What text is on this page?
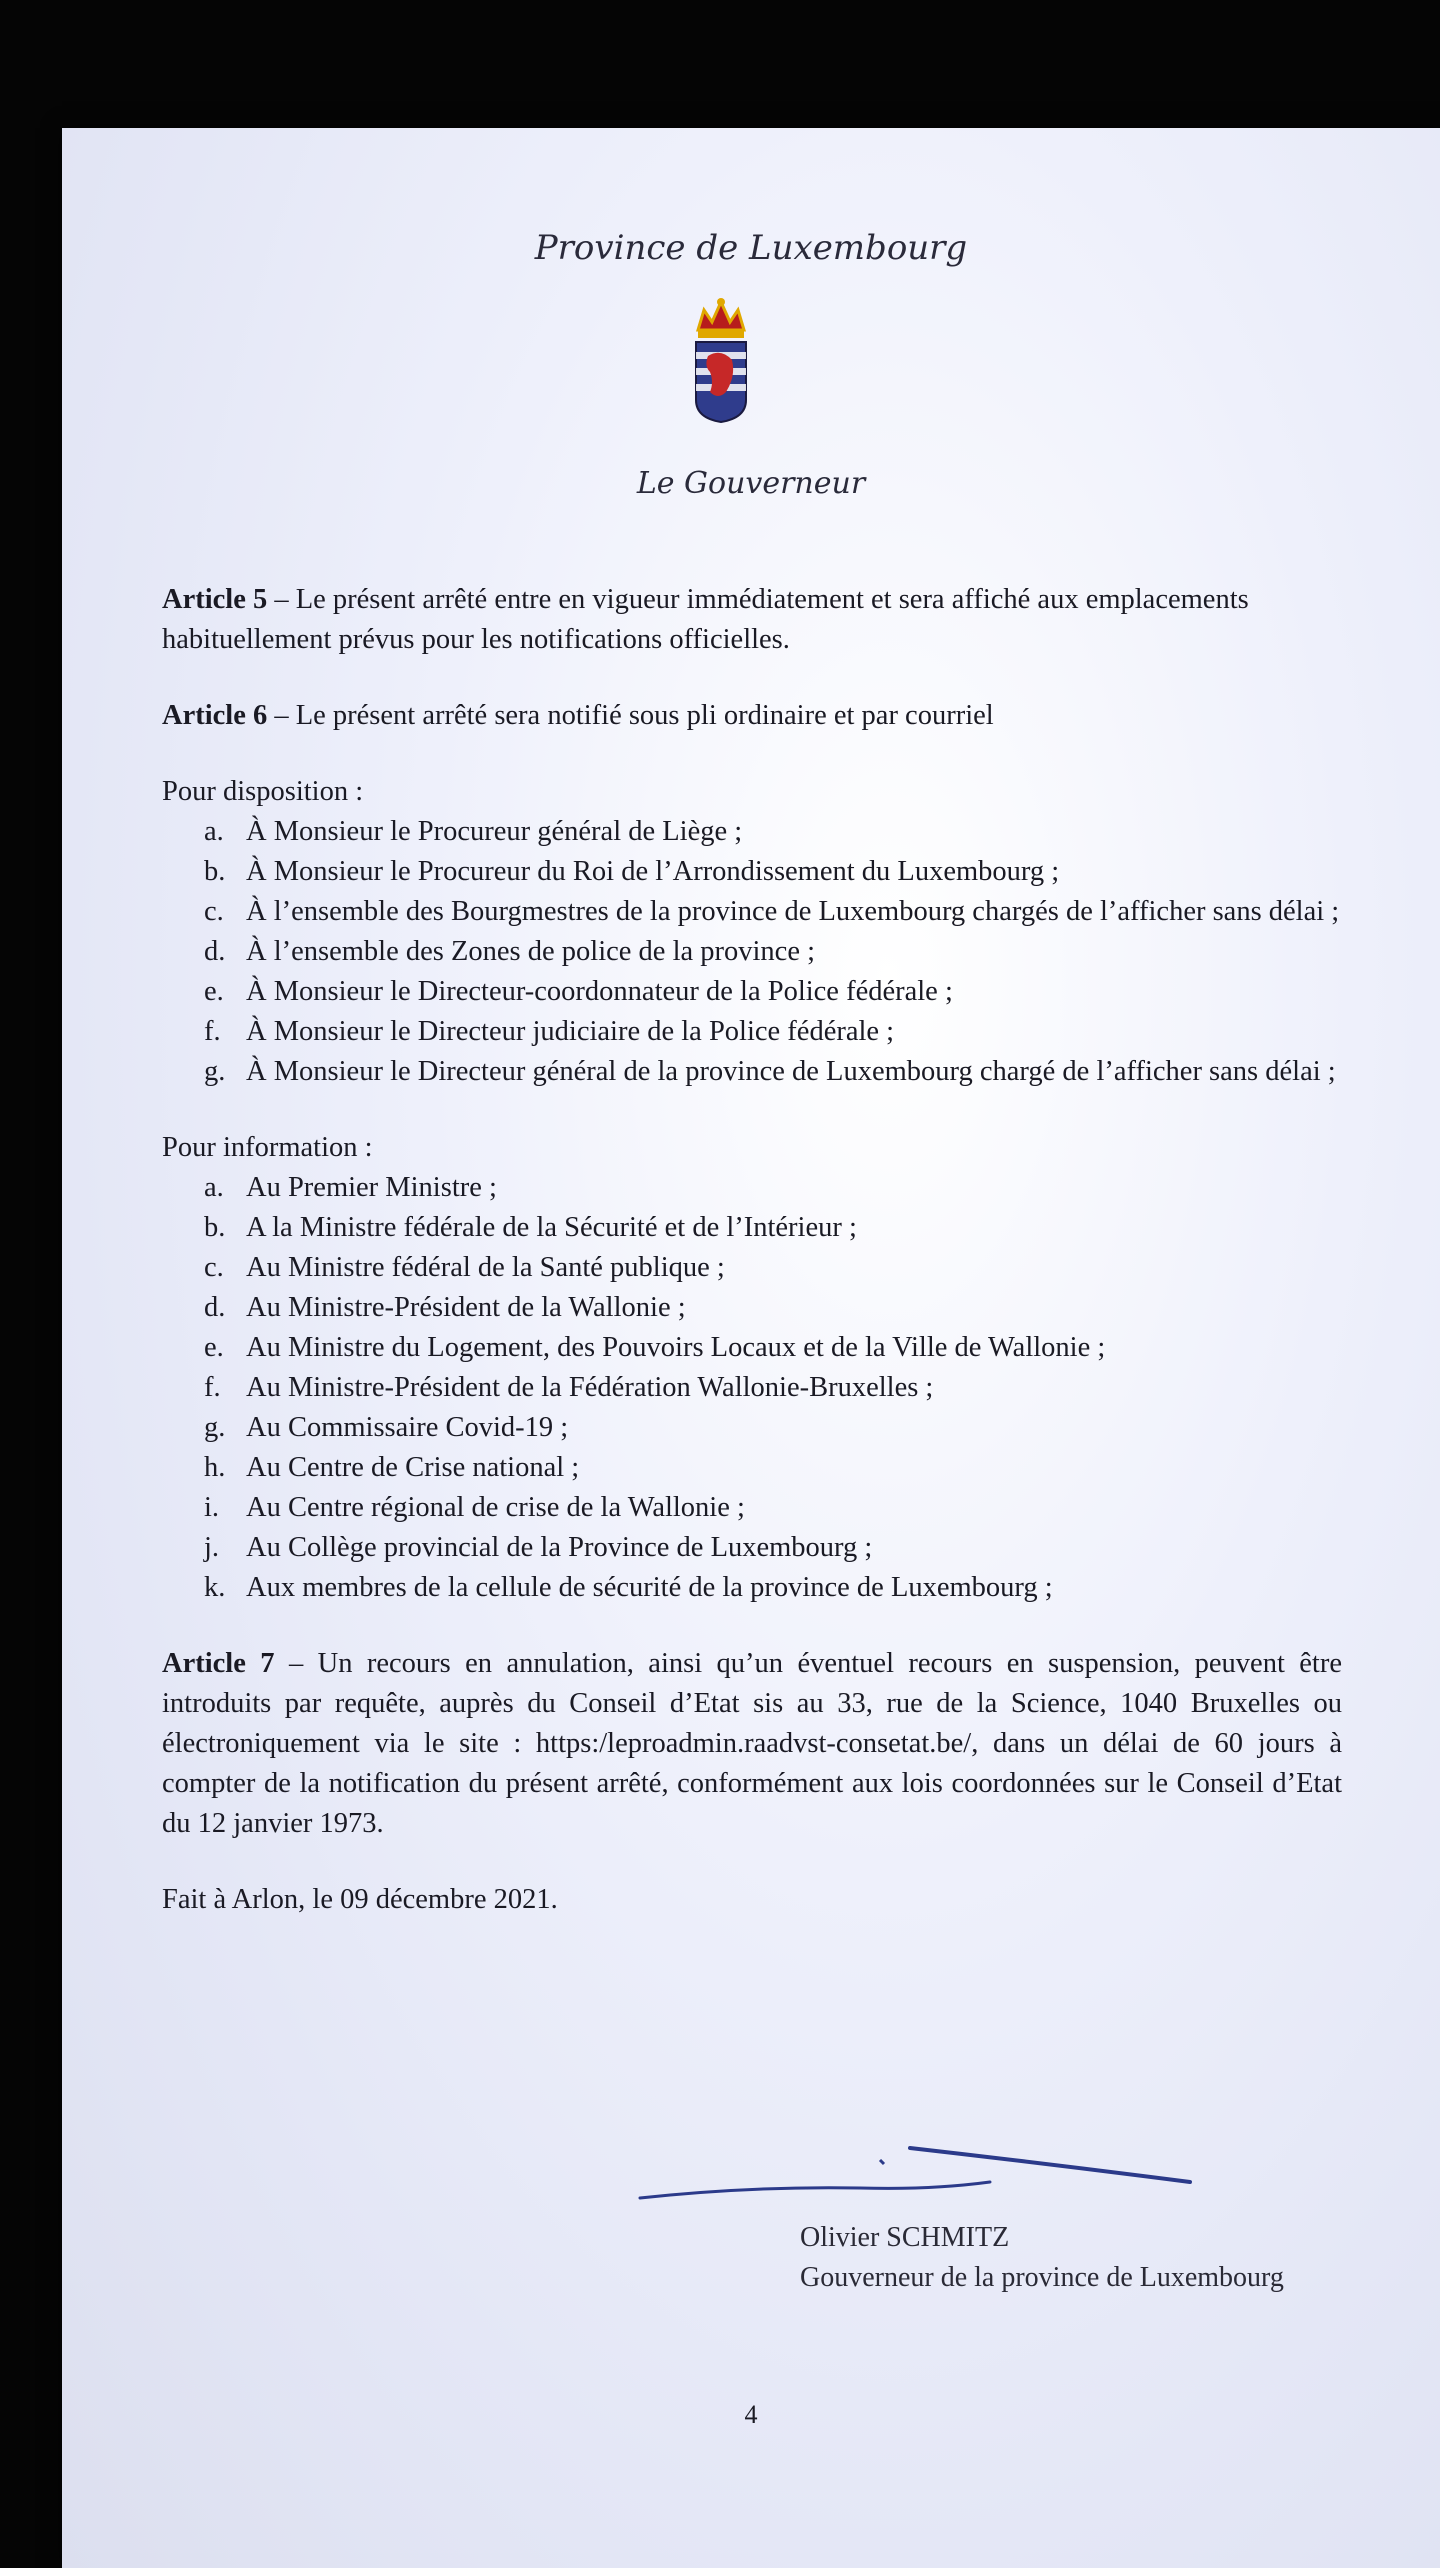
Province de Luxembourg
Le Gouverneur

Article 5 – Le présent arrêté entre en vigueur immédiatement et sera affiché aux emplacements habituellement prévus pour les notifications officielles.

Article 6 – Le présent arrêté sera notifié sous pli ordinaire et par courriel

Pour disposition :

a. À Monsieur le Procureur général de Liège ;
b. À Monsieur le Procureur du Roi de l’Arrondissement du Luxembourg ;
c. À l’ensemble des Bourgmestres de la province de Luxembourg chargés de l’afficher sans délai ;
d. À l’ensemble des Zones de police de la province ;
e. À Monsieur le Directeur-coordonnateur de la Police fédérale ;
f. À Monsieur le Directeur judiciaire de la Police fédérale ;
g. À Monsieur le Directeur général de la province de Luxembourg chargé de l’afficher sans délai ;

Pour information :

a. Au Premier Ministre ;
b. A la Ministre fédérale de la Sécurité et de l’Intérieur ;
c. Au Ministre fédéral de la Santé publique ;
d. Au Ministre-Président de la Wallonie ;
e. Au Ministre du Logement, des Pouvoirs Locaux et de la Ville de Wallonie ;
f. Au Ministre-Président de la Fédération Wallonie-Bruxelles ;
g. Au Commissaire Covid-19 ;
h. Au Centre de Crise national ;
i. Au Centre régional de crise de la Wallonie ;
j. Au Collège provincial de la Province de Luxembourg ;
k. Aux membres de la cellule de sécurité de la province de Luxembourg ;

Article 7 – Un recours en annulation, ainsi qu’un éventuel recours en suspension, peuvent être introduits par requête, auprès du Conseil d’Etat sis au 33, rue de la Science, 1040 Bruxelles ou électroniquement via le site : https:/leproadmin.raadvst-consetat.be/, dans un délai de 60 jours à compter de la notification du présent arrêté, conformément aux lois coordonnées sur le Conseil d’Etat du 12 janvier 1973.

Fait à Arlon, le 09 décembre 2021.

Olivier SCHMITZ
Gouverneur de la province de Luxembourg
4
